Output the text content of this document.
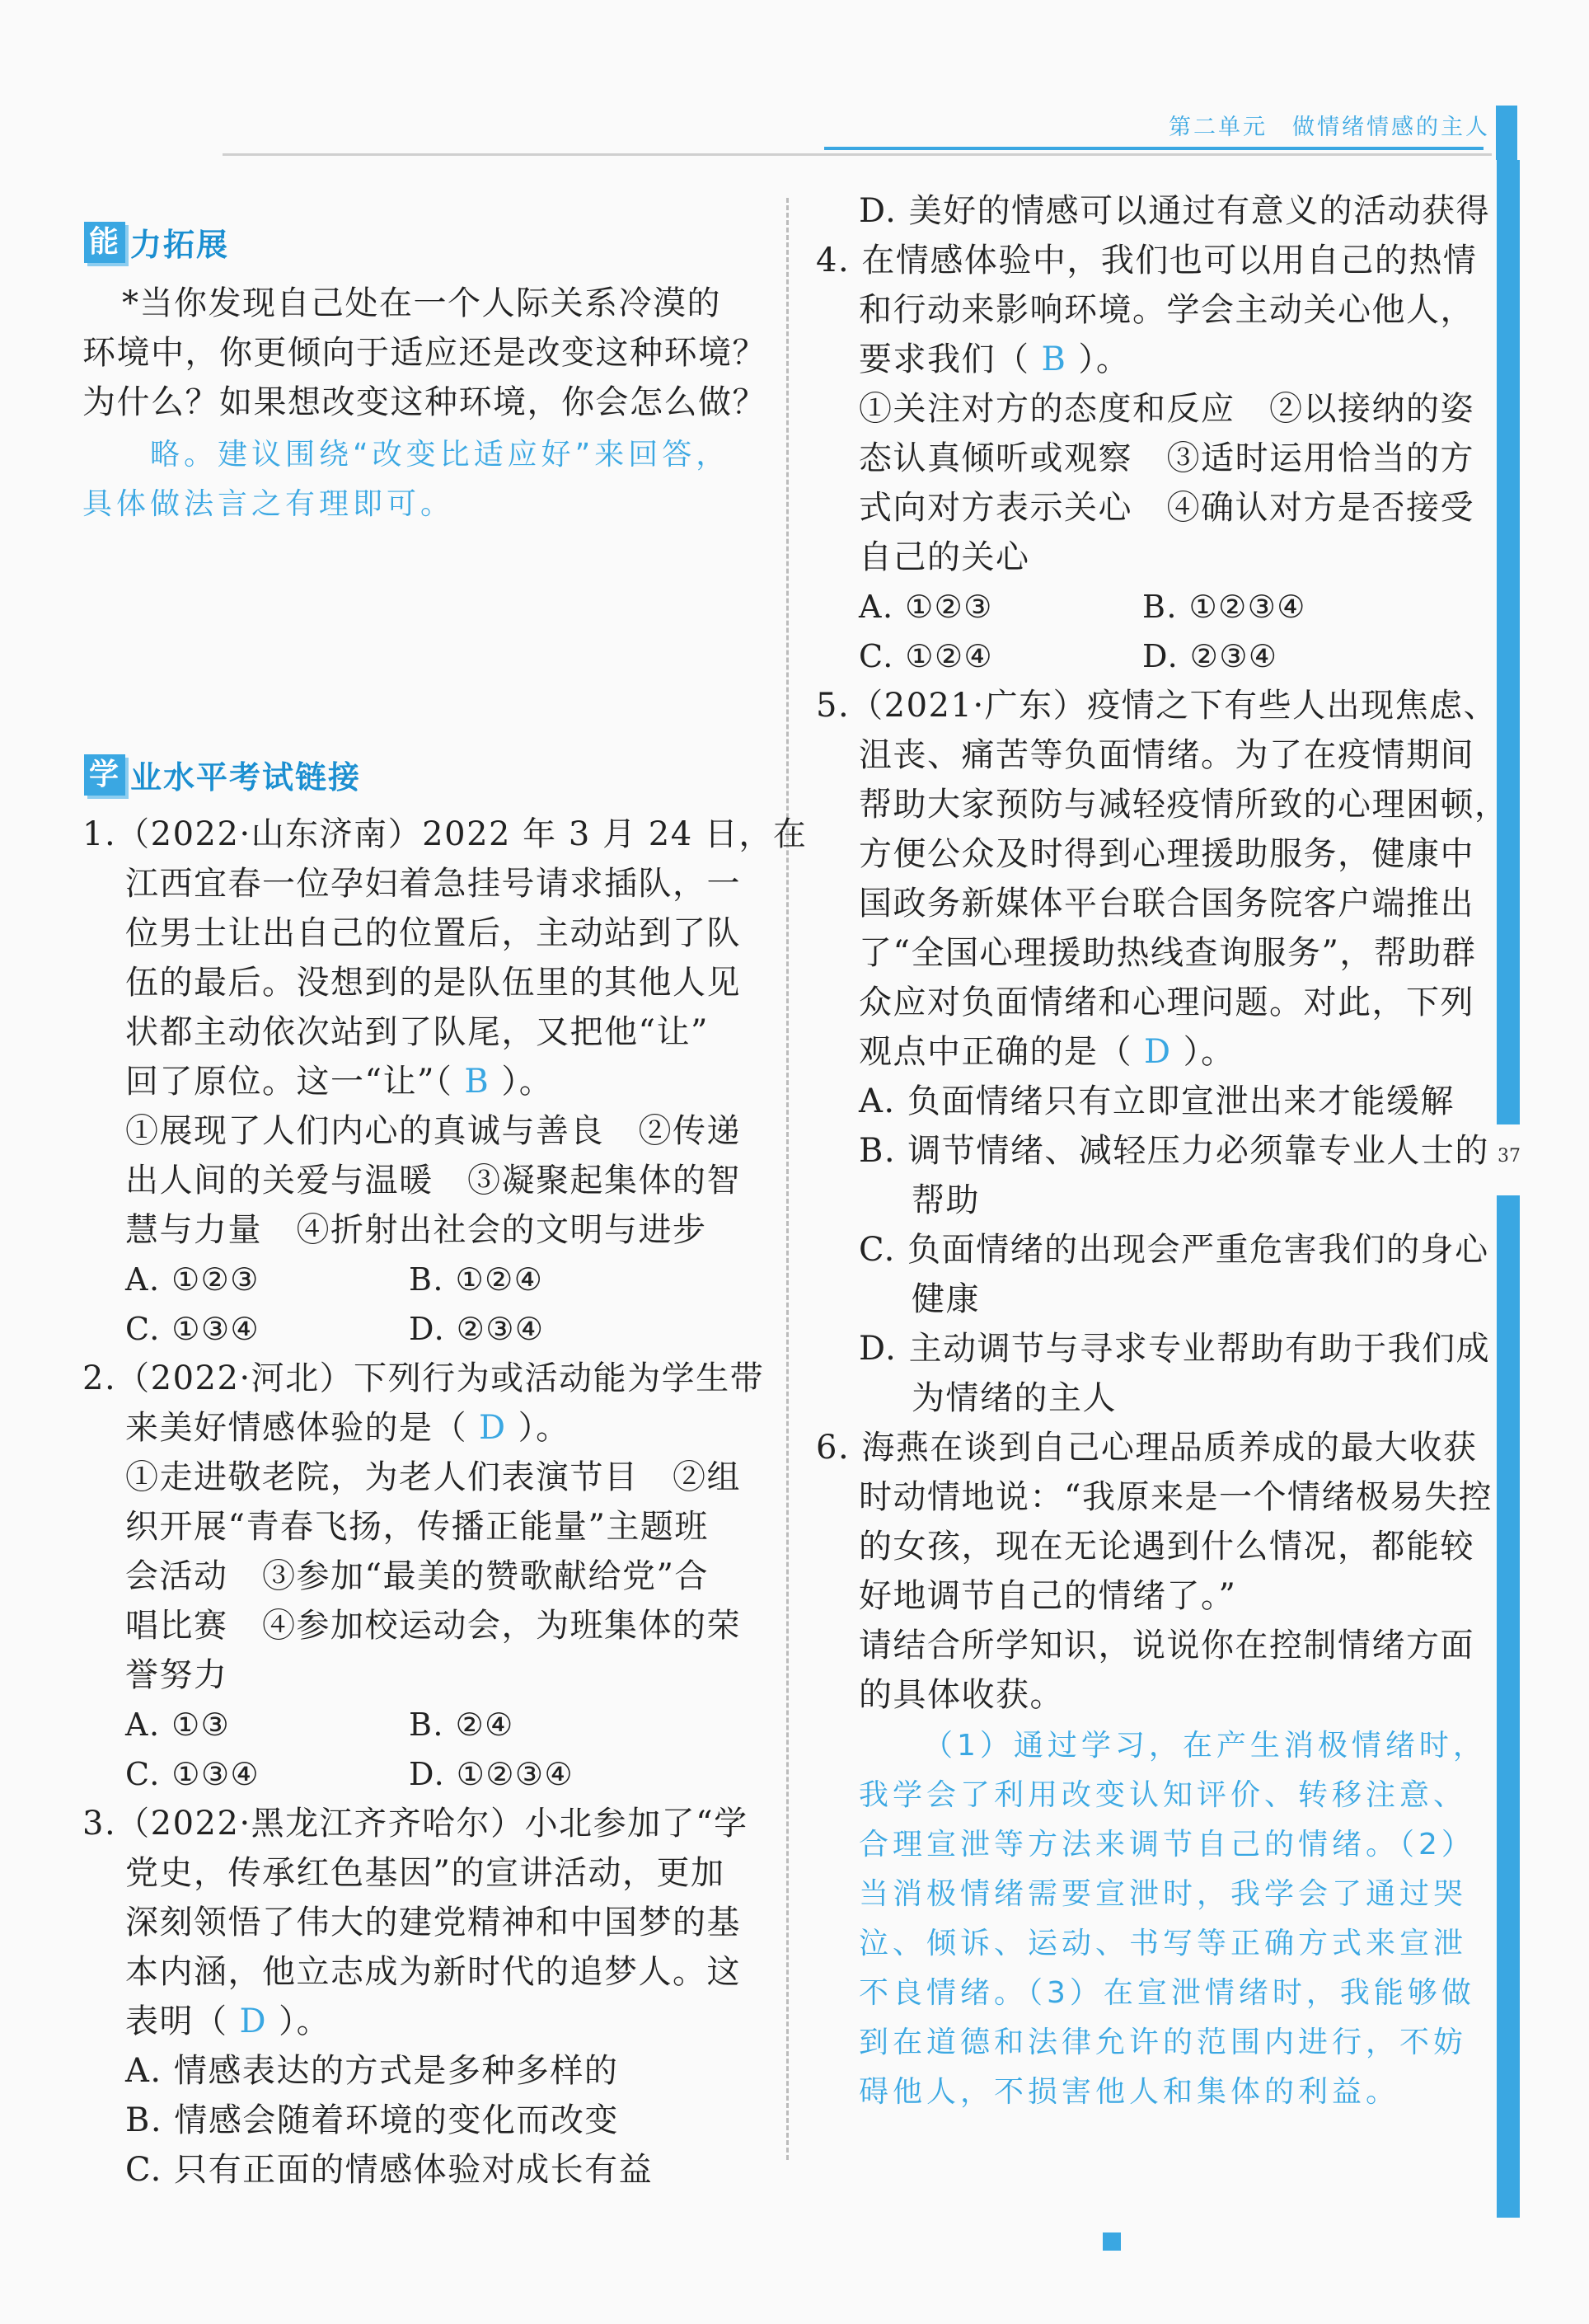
第二单元　做情绪情感的主人
37
能 力拓展
*当你发现自己处在一个人际关系冷漠的
环境中，你更倾向于适应还是改变这种环境？
为什么？如果想改变这种环境，你会怎么做？
略。建议围绕“改变比适应好”来回答，
具体做法言之有理即可。
学 业水平考试链接
1.（2022·山东济南）2022 年 3 月 24 日，在
江西宜春一位孕妇着急挂号请求插队，一
位男士让出自己的位置后，主动站到了队
伍的最后。没想到的是队伍里的其他人见
状都主动依次站到了队尾，又把他“让”
回了原位。这一“让”（ B ）。
①展现了人们内心的真诚与善良　②传递
出人间的关爱与温暖　③凝聚起集体的智
慧与力量　④折射出社会的文明与进步
A. ①②③	B. ①②④
C. ①③④	D. ②③④
2.（2022·河北）下列行为或活动能为学生带
来美好情感体验的是（ D ）。
①走进敬老院，为老人们表演节目　②组
织开展“青春飞扬，传播正能量”主题班
会活动　③参加“最美的赞歌献给党”合
唱比赛　④参加校运动会，为班集体的荣
誉努力
A. ①③	B. ②④
C. ①③④	D. ①②③④
3.（2022·黑龙江齐齐哈尔）小北参加了“学
党史，传承红色基因”的宣讲活动，更加
深刻领悟了伟大的建党精神和中国梦的基
本内涵，他立志成为新时代的追梦人。这
表明（ D ）。
A. 情感表达的方式是多种多样的
B. 情感会随着环境的变化而改变
C. 只有正面的情感体验对成长有益
D. 美好的情感可以通过有意义的活动获得
4. 在情感体验中，我们也可以用自己的热情
和行动来影响环境。学会主动关心他人，
要求我们（ B ）。
①关注对方的态度和反应　②以接纳的姿
态认真倾听或观察　③适时运用恰当的方
式向对方表示关心　④确认对方是否接受
自己的关心
A. ①②③	B. ①②③④
C. ①②④	D. ②③④
5.（2021·广东）疫情之下有些人出现焦虑、
沮丧、痛苦等负面情绪。为了在疫情期间
帮助大家预防与减轻疫情所致的心理困顿，
方便公众及时得到心理援助服务，健康中
国政务新媒体平台联合国务院客户端推出
了“全国心理援助热线查询服务”，帮助群
众应对负面情绪和心理问题。对此，下列
观点中正确的是（ D ）。
A. 负面情绪只有立即宣泄出来才能缓解
B. 调节情绪、减轻压力必须靠专业人士的
帮助
C. 负面情绪的出现会严重危害我们的身心
健康
D. 主动调节与寻求专业帮助有助于我们成
为情绪的主人
6. 海燕在谈到自己心理品质养成的最大收获
时动情地说：“我原来是一个情绪极易失控
的女孩，现在无论遇到什么情况，都能较
好地调节自己的情绪了。”
请结合所学知识，说说你在控制情绪方面
的具体收获。
（1）通过学习，在产生消极情绪时，
我学会了利用改变认知评价、转移注意、
合理宣泄等方法来调节自己的情绪。（2）
当消极情绪需要宣泄时，我学会了通过哭
泣、倾诉、运动、书写等正确方式来宣泄
不良情绪。（3）在宣泄情绪时，我能够做
到在道德和法律允许的范围内进行，不妨
碍他人，不损害他人和集体的利益。
